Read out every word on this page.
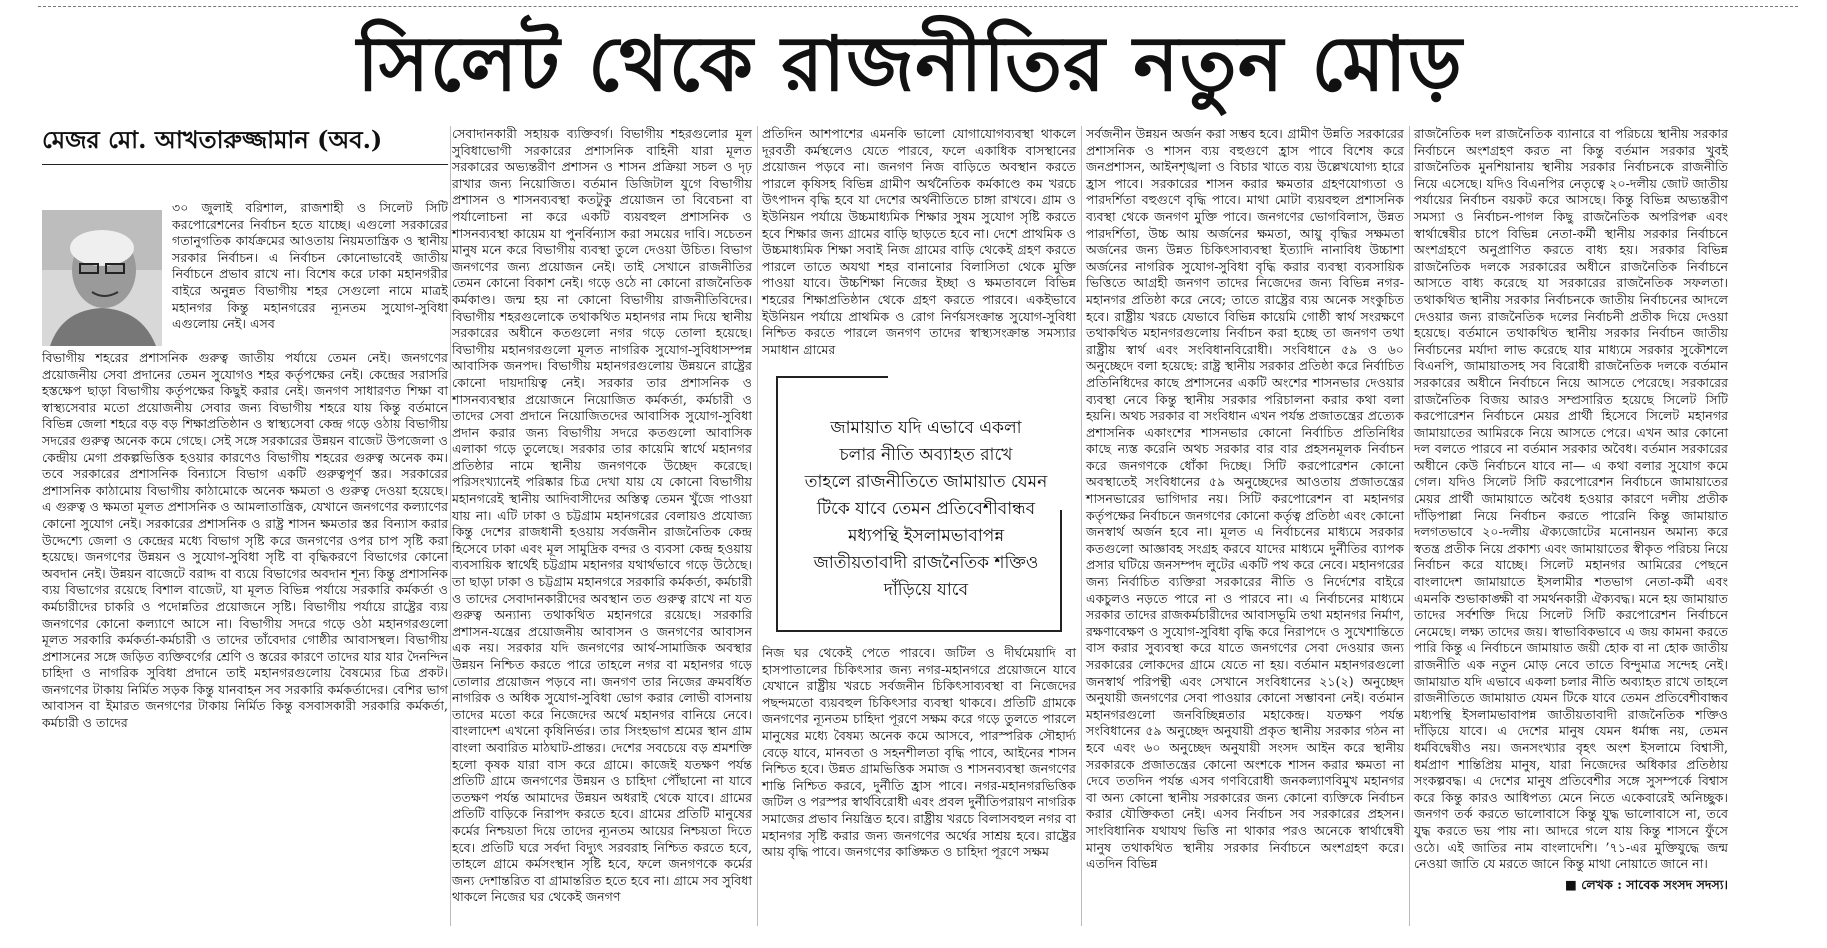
সিলেট থেকে রাজনীতির নতুন মোড়
মেজর মো. আখতারুজ্জামান (অব.)

৩০ জুলাই বরিশাল, রাজশাহী ও সিলেট সিটি করপোরেশনের নির্বাচন হতে যাচ্ছে। এগুলো সরকারের গতানুগতিক কার্যক্রমের আওতায় নিয়মতান্ত্রিক ও স্থানীয় সরকার নির্বাচন। এ নির্বাচন কোনোভাবেই জাতীয় নির্বাচনে প্রভাব রাখে না। বিশেষ করে ঢাকা মহানগরীর বাইরে অনুন্নত বিভাগীয় শহর সেগুলো নামে মাত্রই মহানগর কিন্তু মহানগরের ন্যূনতম সুযোগ-সুবিধা এগুলোয় নেই। এসব

বিভাগীয় শহরের প্রশাসনিক গুরুত্ব জাতীয় পর্যায়ে তেমন নেই। জনগণের প্রয়োজনীয় সেবা প্রদানের তেমন সুযোগও শহর কর্তৃপক্ষের নেই। কেন্দ্রের সরাসরি হস্তক্ষেপ ছাড়া বিভাগীয় কর্তৃপক্ষের কিছুই করার নেই। জনগণ সাধারণত শিক্ষা বা স্বাস্থ্যসেবার মতো প্রয়োজনীয় সেবার জন্য বিভাগীয় শহরে যায় কিন্তু বর্তমানে বিভিন্ন জেলা শহরে বড় বড় শিক্ষাপ্রতিষ্ঠান ও স্বাস্থ্যসেবা কেন্দ্র গড়ে ওঠায় বিভাগীয় সদরের গুরুত্ব অনেক কমে গেছে। সেই সঙ্গে সরকারের উন্নয়ন বাজেট উপজেলা ও কেন্দ্রীয় মেগা প্রকল্পভিত্তিক হওয়ার কারণেও বিভাগীয় শহরের গুরুত্ব অনেক কম। তবে সরকারের প্রশাসনিক বিন্যাসে বিভাগ একটি গুরুত্বপূর্ণ স্তর। সরকারের প্রশাসনিক কাঠামোয় বিভাগীয় কাঠামোকে অনেক ক্ষমতা ও গুরুত্ব দেওয়া হয়েছে। এ গুরুত্ব ও ক্ষমতা মূলত প্রশাসনিক ও আমলাতান্ত্রিক, যেখানে জনগণের কল্যাণের কোনো সুযোগ নেই। সরকারের প্রশাসনিক ও রাষ্ট্র শাসন ক্ষমতার স্তর বিন্যাস করার উদ্দেশ্যে জেলা ও কেন্দ্রের মধ্যে বিভাগ সৃষ্টি করে জনগণের ওপর চাপ সৃষ্টি করা হয়েছে। জনগণের উন্নয়ন ও সুযোগ-সুবিধা সৃষ্টি বা বৃদ্ধিকরণে বিভাগের কোনো অবদান নেই। উন্নয়ন বাজেটে বরাদ্দ বা ব্যয়ে বিভাগের অবদান শূন্য কিন্তু প্রশাসনিক ব্যয় বিভাগের রয়েছে বিশাল বাজেট, যা মূলত বিভিন্ন পর্যায়ে সরকারি কর্মকর্তা ও কর্মচারীদের চাকরি ও পদোন্নতির প্রয়োজনে সৃষ্টি। বিভাগীয় পর্যায়ে রাষ্ট্রের ব্যয় জনগণের কোনো কল্যাণে আসে না। বিভাগীয় সদরে গড়ে ওঠা মহানগরগুলো মূলত সরকারি কর্মকর্তা-কর্মচারী ও তাদের তাঁবেদার গোষ্ঠীর আবাসস্থল। বিভাগীয় প্রশাসনের সঙ্গে জড়িত ব্যক্তিবর্গের শ্রেণি ও স্তরের কারণে তাদের যার যার দৈনন্দিন চাহিদা ও নাগরিক সুবিধা প্রদানে তাই মহানগরগুলোয় বৈষম্যের চিত্র প্রকট। জনগণের টাকায় নির্মিত সড়ক কিন্তু যানবাহন সব সরকারি কর্মকর্তাদের। বেশির ভাগ আবাসন বা ইমারত জনগণের টাকায় নির্মিত কিন্তু বসবাসকারী সরকারি কর্মকর্তা, কর্মচারী ও তাদের

সেবাদানকারী সহায়ক ব্যক্তিবর্গ। বিভাগীয় শহরগুলোর মূল সুবিধাভোগী সরকারের প্রশাসনিক বাহিনী যারা মূলত সরকারের অভ্যন্তরীণ প্রশাসন ও শাসন প্রক্রিয়া সচল ও দৃঢ় রাখার জন্য নিয়োজিত। বর্তমান ডিজিটাল যুগে বিভাগীয় প্রশাসন ও শাসনব্যবস্থা কতটুকু প্রয়োজন তা বিবেচনা বা পর্যালোচনা না করে একটি ব্যয়বহুল প্রশাসনিক ও শাসনব্যবস্থা কায়েম যা পুনর্বিন্যাস করা সময়ের দাবি। সচেতন মানুষ মনে করে বিভাগীয় ব্যবস্থা তুলে দেওয়া উচিত। বিভাগ জনগণের জন্য প্রয়োজন নেই। তাই সেখানে রাজনীতির তেমন কোনো বিকাশ নেই। গড়ে ওঠে না কোনো রাজনৈতিক কর্মকাণ্ড। জন্ম হয় না কোনো বিভাগীয় রাজনীতিবিদের। বিভাগীয় শহরগুলোকে তথাকথিত মহানগর নাম দিয়ে স্থানীয় সরকারের অধীনে কতগুলো নগর গড়ে তোলা হয়েছে। বিভাগীয় মহানগরগুলো মূলত নাগরিক সুযোগ-সুবিধাসম্পন্ন আবাসিক জনপদ। বিভাগীয় মহানগরগুলোয় উন্নয়নে রাষ্ট্রের কোনো দায়দায়িত্ব নেই। সরকার তার প্রশাসনিক ও শাসনব্যবস্থার প্রয়োজনে নিয়োজিত কর্মকর্তা, কর্মচারী ও তাদের সেবা প্রদানে নিয়োজিতদের আবাসিক সুযোগ-সুবিধা প্রদান করার জন্য বিভাগীয় সদরে কতগুলো আবাসিক এলাকা গড়ে তুলেছে। সরকার তার কায়েমি স্বার্থে মহানগর প্রতিষ্ঠার নামে স্থানীয় জনগণকে উচ্ছেদ করেছে। পরিসংখ্যানেই পরিষ্কার চিত্র দেখা যায় যে কোনো বিভাগীয় মহানগরেই স্থানীয় আদিবাসীদের অস্তিত্ব তেমন খুঁজে পাওয়া যায় না। এটি ঢাকা ও চট্টগ্রাম মহানগরের বেলায়ও প্রযোজ্য কিন্তু দেশের রাজধানী হওয়ায় সর্বজনীন রাজনৈতিক কেন্দ্র হিসেবে ঢাকা এবং মূল সামুদ্রিক বন্দর ও ব্যবসা কেন্দ্র হওয়ায় ব্যবসায়িক স্বার্থেই চট্টগ্রাম মহানগর যথার্থভাবে গড়ে উঠেছে। তা ছাড়া ঢাকা ও চট্টগ্রাম মহানগরে সরকারি কর্মকর্তা, কর্মচারী ও তাদের সেবাদানকারীদের অবস্থান তত গুরুত্ব রাখে না যত গুরুত্ব অন্যান্য তথাকথিত মহানগরে রয়েছে। সরকারি প্রশাসন-যন্ত্রের প্রয়োজনীয় আবাসন ও জনগণের আবাসন এক নয়। সরকার যদি জনগণের আর্থ-সামাজিক অবস্থার উন্নয়ন নিশ্চিত করতে পারে তাহলে নগর বা মহানগর গড়ে তোলার প্রয়োজন পড়বে না। জনগণ তার নিজের ক্রমবর্ধিত নাগরিক ও অধিক সুযোগ-সুবিধা ভোগ করার লোভী বাসনায় তাদের মতো করে নিজেদের অর্থে মহানগর বানিয়ে নেবে। বাংলাদেশ এখনো কৃষিনির্ভর। তার সিংহভাগ শ্রমের স্থান গ্রাম বাংলা অবারিত মাঠঘাট-প্রান্তর। দেশের সবচেয়ে বড় শ্রমশক্তি হলো কৃষক যারা বাস করে গ্রামে। কাজেই যতক্ষণ পর্যন্ত প্রতিটি গ্রামে জনগণের উন্নয়ন ও চাহিদা পৌঁছানো না যাবে ততক্ষণ পর্যন্ত আমাদের উন্নয়ন অধরাই থেকে যাবে। গ্রামের প্রতিটি বাড়িকে নিরাপদ করতে হবে। গ্রামের প্রতিটি মানুষের কর্মের নিশ্চয়তা দিয়ে তাদের ন্যূনতম আয়ের নিশ্চয়তা দিতে হবে। প্রতিটি ঘরে সর্বদা বিদ্যুৎ সরবরাহ নিশ্চিত করতে হবে, তাহলে গ্রামে কর্মসংস্থান সৃষ্টি হবে, ফলে জনগণকে কর্মের জন্য দেশান্তরিত বা গ্রামান্তরিত হতে হবে না। গ্রামে সব সুবিধা থাকলে নিজের ঘর থেকেই জনগণ

প্রতিদিন আশপাশের এমনকি ভালো যোগাযোগব্যবস্থা থাকলে দূরবর্তী কর্মস্থলেও যেতে পারবে, ফলে একাধিক বাসস্থানের প্রয়োজন পড়বে না। জনগণ নিজ বাড়িতে অবস্থান করতে পারলে কৃষিসহ বিভিন্ন গ্রামীণ অর্থনৈতিক কর্মকাণ্ডে কম খরচে উৎপাদন বৃদ্ধি হবে যা দেশের অর্থনীতিতে চাঙ্গা রাখবে। গ্রাম ও ইউনিয়ন পর্যায়ে উচ্চমাধ্যমিক শিক্ষার সুষম সুযোগ সৃষ্টি করতে হবে শিক্ষার জন্য গ্রামের বাড়ি ছাড়তে হবে না। দেশে প্রাথমিক ও উচ্চমাধ্যমিক শিক্ষা সবাই নিজ গ্রামের বাড়ি থেকেই গ্রহণ করতে পারলে তাতে অযথা শহর বানানোর বিলাসিতা থেকে মুক্তি পাওয়া যাবে। উচ্চশিক্ষা নিজের ইচ্ছা ও ক্ষমতাবলে বিভিন্ন শহরের শিক্ষাপ্রতিষ্ঠান থেকে গ্রহণ করতে পারবে। একইভাবে ইউনিয়ন পর্যায়ে প্রাথমিক ও রোগ নির্ণয়সংক্রান্ত সুযোগ-সুবিধা নিশ্চিত করতে পারলে জনগণ তাদের স্বাস্থ্যসংক্রান্ত সমস্যার সমাধান গ্রামের

জামায়াত যদি এভাবে একলা
চলার নীতি অব্যাহত রাখে
তাহলে রাজনীতিতে জামায়াত যেমন
টিকে যাবে তেমন প্রতিবেশীবান্ধব
মধ্যপন্থি ইসলামভাবাপন্ন
জাতীয়তাবাদী রাজনৈতিক শক্তিও
দাঁড়িয়ে যাবে

নিজ ঘর থেকেই পেতে পারবে। জটিল ও দীর্ঘমেয়াদি বা হাসপাতালের চিকিৎসার জন্য নগর-মহানগরে প্রয়োজনে যাবে যেখানে রাষ্ট্রীয় খরচে সর্বজনীন চিকিৎসাব্যবস্থা বা নিজেদের পছন্দমতো ব্যয়বহুল চিকিৎসার ব্যবস্থা থাকবে। প্রতিটি গ্রামকে জনগণের ন্যূনতম চাহিদা পূরণে সক্ষম করে গড়ে তুলতে পারলে মানুষের মধ্যে বৈষম্য অনেক কমে আসবে, পারস্পরিক সৌহার্দ্য বেড়ে যাবে, মানবতা ও সহনশীলতা বৃদ্ধি পাবে, আইনের শাসন নিশ্চিত হবে। উন্নত গ্রামভিত্তিক সমাজ ও শাসনব্যবস্থা জনগণের শান্তি নিশ্চিত করবে, দুর্নীতি হ্রাস পাবে। নগর-মহানগরভিত্তিক জটিল ও পরস্পর স্বার্থবিরোধী এবং প্রবল দুর্নীতিপরায়ণ নাগরিক সমাজের প্রভাব নিয়ন্ত্রিত হবে। রাষ্ট্রীয় খরচে বিলাসবহুল নগর বা মহানগর সৃষ্টি করার জন্য জনগণের অর্থের সাশ্রয় হবে। রাষ্ট্রের আয় বৃদ্ধি পাবে। জনগণের কাঙ্ক্ষিত ও চাহিদা পূরণে সক্ষম

সর্বজনীন উন্নয়ন অর্জন করা সম্ভব হবে। গ্রামীণ উন্নতি সরকারের প্রশাসনিক ও শাসন ব্যয় বহুগুণে হ্রাস পাবে বিশেষ করে জনপ্রশাসন, আইনশৃঙ্খলা ও বিচার খাতে ব্যয় উল্লেখযোগ্য হারে হ্রাস পাবে। সরকারের শাসন করার ক্ষমতার গ্রহণযোগ্যতা ও পারদর্শিতা বহুগুণে বৃদ্ধি পাবে। মাথা মোটা ব্যয়বহুল প্রশাসনিক ব্যবস্থা থেকে জনগণ মুক্তি পাবে। জনগণের ভোগবিলাস, উন্নত পারদর্শিতা, উচ্চ আয় অর্জনের ক্ষমতা, আয়ু বৃদ্ধির সক্ষমতা অর্জনের জন্য উন্নত চিকিৎসাব্যবস্থা ইত্যাদি নানাবিধ উচ্চাশা অর্জনের নাগরিক সুযোগ-সুবিধা বৃদ্ধি করার ব্যবস্থা ব্যবসায়িক ভিত্তিতে আগ্রহী জনগণ তাদের নিজেদের জন্য বিভিন্ন নগর-মহানগর প্রতিষ্ঠা করে নেবে; তাতে রাষ্ট্রের ব্যয় অনেক সংকুচিত হবে। রাষ্ট্রীয় খরচে যেভাবে বিভিন্ন কায়েমি গোষ্ঠী স্বার্থ সংরক্ষণে তথাকথিত মহানগরগুলোয় নির্বাচন করা হচ্ছে তা জনগণ তথা রাষ্ট্রীয় স্বার্থ এবং সংবিধানবিরোধী। সংবিধানে ৫৯ ও ৬০ অনুচ্ছেদে বলা হয়েছে: রাষ্ট্র স্থানীয় সরকার প্রতিষ্ঠা করে নির্বাচিত প্রতিনিধিদের কাছে প্রশাসনের একটি অংশের শাসনভার দেওয়ার ব্যবস্থা নেবে কিন্তু স্থানীয় সরকার পরিচালনা করার কথা বলা হয়নি। অথচ সরকার বা সংবিধান এখন পর্যন্ত প্রজাতন্ত্রের প্রত্যেক প্রশাসনিক একাংশের শাসনভার কোনো নির্বাচিত প্রতিনিধির কাছে ন্যস্ত করেনি অথচ সরকার বার বার প্রহসনমূলক নির্বাচন করে জনগণকে ধোঁকা দিচ্ছে। সিটি করপোরেশন কোনো অবস্থাতেই সংবিধানের ৫৯ অনুচ্ছেদের আওতায় প্রজাতন্ত্রের শাসনভারের ভাগিদার নয়। সিটি করপোরেশন বা মহানগর কর্তৃপক্ষের নির্বাচনে জনগণের কোনো কর্তৃত্ব প্রতিষ্ঠা এবং কোনো জনস্বার্থ অর্জন হবে না। মূলত এ নির্বাচনের মাধ্যমে সরকার কতগুলো আজ্ঞাবহ সংগ্রহ করবে যাদের মাধ্যমে দুর্নীতির ব্যাপক প্রসার ঘটিয়ে জনসম্পদ লুটের একটি পথ করে নেবে। মহানগরের জন্য নির্বাচিত ব্যক্তিরা সরকারের নীতি ও নির্দেশের বাইরে একচুলও নড়তে পারে না ও পারবে না। এ নির্বাচনের মাধ্যমে সরকার তাদের রাজকর্মচারীদের আবাসভূমি তথা মহানগর নির্মাণ, রক্ষণাবেক্ষণ ও সুযোগ-সুবিধা বৃদ্ধি করে নিরাপদে ও সুখেশান্তিতে বাস করার সুব্যবস্থা করে যাতে জনগণের সেবা দেওয়ার জন্য সরকারের লোকদের গ্রামে যেতে না হয়। বর্তমান মহানগরগুলো জনস্বার্থ পরিপন্থী এবং সেখানে সংবিধানের ২১(২) অনুচ্ছেদ অনুযায়ী জনগণের সেবা পাওয়ার কোনো সম্ভাবনা নেই। বর্তমান মহানগরগুলো জনবিচ্ছিন্নতার মহাকেন্দ্র। যতক্ষণ পর্যন্ত সংবিধানের ৫৯ অনুচ্ছেদ অনুযায়ী প্রকৃত স্থানীয় সরকার গঠন না হবে এবং ৬০ অনুচ্ছেদ অনুযায়ী সংসদ আইন করে স্থানীয় সরকারকে প্রজাতন্ত্রের কোনো অংশকে শাসন করার ক্ষমতা না দেবে ততদিন পর্যন্ত এসব গণবিরোধী জনকল্যাণবিমুখ মহানগর বা অন্য কোনো স্থানীয় সরকারের জন্য কোনো ব্যক্তিকে নির্বাচন করার যৌক্তিকতা নেই। এসব নির্বাচন সব সরকারের প্রহসন। সাংবিধানিক যথাযথ ভিত্তি না থাকার পরও অনেকে স্বার্থান্বেষী মানুষ তথাকথিত স্থানীয় সরকার নির্বাচনে অংশগ্রহণ করে। এতদিন বিভিন্ন

রাজনৈতিক দল রাজনৈতিক ব্যানারে বা পরিচয়ে স্থানীয় সরকার নির্বাচনে অংশগ্রহণ করত না কিন্তু বর্তমান সরকার খুবই রাজনৈতিক মুনশিয়ানায় স্থানীয় সরকার নির্বাচনকে রাজনীতি নিয়ে এসেছে। যদিও বিএনপির নেতৃত্বে ২০-দলীয় জোট জাতীয় পর্যায়ের নির্বাচন বয়কট করে আসছে। কিন্তু বিভিন্ন অভ্যন্তরীণ সমস্যা ও নির্বাচন-পাগল কিছু রাজনৈতিক অপরিপক্ব এবং স্বার্থান্বেষীর চাপে বিভিন্ন নেতা-কর্মী স্থানীয় সরকার নির্বাচনে অংশগ্রহণে অনুপ্রাণিত করতে বাধ্য হয়। সরকার বিভিন্ন রাজনৈতিক দলকে সরকারের অধীনে রাজনৈতিক নির্বাচনে আসতে বাধ্য করেছে যা সরকারের রাজনৈতিক সফলতা। তথাকথিত স্থানীয় সরকার নির্বাচনকে জাতীয় নির্বাচনের আদলে দেওয়ার জন্য রাজনৈতিক দলের নির্বাচনী প্রতীক দিয়ে দেওয়া হয়েছে। বর্তমানে তথাকথিত স্থানীয় সরকার নির্বাচন জাতীয় নির্বাচনের মর্যাদা লাভ করেছে যার মাধ্যমে সরকার সুকৌশলে বিএনপি, জামায়াতসহ সব বিরোধী রাজনৈতিক দলকে বর্তমান সরকারের অধীনে নির্বাচনে নিয়ে আসতে পেরেছে। সরকারের রাজনৈতিক বিজয় আরও সম্প্রসারিত হয়েছে সিলেট সিটি করপোরেশন নির্বাচনে মেয়র প্রার্থী হিসেবে সিলেট মহানগর জামায়াতের আমিরকে নিয়ে আসতে পেরে। এখন আর কোনো দল বলতে পারবে না বর্তমান সরকার অবৈধ। বর্তমান সরকারের অধীনে কেউ নির্বাচনে যাবে না— এ কথা বলার সুযোগ কমে গেল। যদিও সিলেট সিটি করপোরেশন নির্বাচনে জামায়াতের মেয়র প্রার্থী জামায়াতে অবৈধ হওয়ার কারণে দলীয় প্রতীক দাঁড়িপাল্লা নিয়ে নির্বাচন করতে পারেনি কিন্তু জামায়াত দলগতভাবে ২০-দলীয় ঐক্যজোটের মনোনয়ন অমান্য করে স্বতন্ত্র প্রতীক নিয়ে প্রকাশ্য এবং জামায়াতের স্বীকৃত পরিচয় নিয়ে নির্বাচন করে যাচ্ছে। সিলেট মহানগর আমিরের পেছনে বাংলাদেশ জামায়াতে ইসলামীর শতভাগ নেতা-কর্মী এবং এমনকি শুভাকাঙ্ক্ষী বা সমর্থনকারী ঐক্যবদ্ধ। মনে হয় জামায়াত তাদের সর্বশক্তি দিয়ে সিলেট সিটি করপোরেশন নির্বাচনে নেমেছে। লক্ষ্য তাদের জয়। স্বাভাবিকভাবে এ জয় কামনা করতে পারি কিন্তু এ নির্বাচনে জামায়াত জয়ী হোক বা না হোক জাতীয় রাজনীতি এক নতুন মোড় নেবে তাতে বিন্দুমাত্র সন্দেহ নেই। জামায়াত যদি এভাবে একলা চলার নীতি অব্যাহত রাখে তাহলে রাজনীতিতে জামায়াত যেমন টিকে যাবে তেমন প্রতিবেশীবান্ধব মধ্যপন্থি ইসলামভাবাপন্ন জাতীয়তাবাদী রাজনৈতিক শক্তিও দাঁড়িয়ে যাবে। এ দেশের মানুষ যেমন ধর্মান্ধ নয়, তেমন ধর্মবিদ্বেষীও নয়। জনসংখ্যার বৃহৎ অংশ ইসলামে বিশ্বাসী, ধর্মপ্রাণ শান্তিপ্রিয় মানুষ, যারা নিজেদের অধিকার প্রতিষ্ঠায় সংকল্পবদ্ধ। এ দেশের মানুষ প্রতিবেশীর সঙ্গে সুসম্পর্কে বিশ্বাস করে কিন্তু কারও আধিপত্য মেনে নিতে একেবারেই অনিচ্ছুক। জনগণ তর্ক করতে ভালোবাসে কিন্তু যুদ্ধ ভালোবাসে না, তবে যুদ্ধ করতে ভয় পায় না। আদরে গলে যায় কিন্তু শাসনে ফুঁসে ওঠে। এই জাতির নাম বাংলাদেশি। ’৭১-এর মুক্তিযুদ্ধে জন্ম নেওয়া জাতি যে মরতে জানে কিন্তু মাথা নোয়াতে জানে না।

■ লেখক : সাবেক সংসদ সদস্য।
